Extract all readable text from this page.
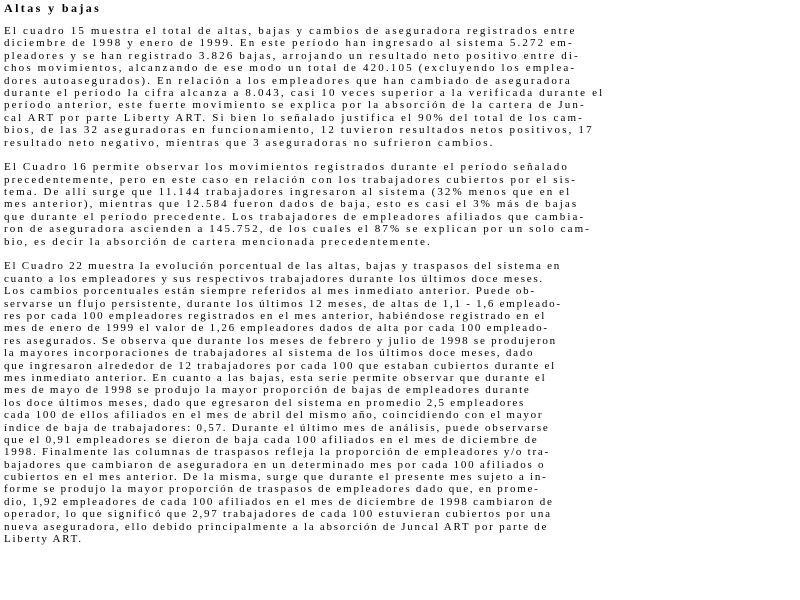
Altas y bajas
El cuadro 15 muestra el total de altas, bajas y cambios de aseguradora registrados entre
diciembre de 1998 y enero de 1999. En este período han ingresado al sistema 5.272 em-
pleadores y se han registrado 3.826 bajas, arrojando un resultado neto positivo entre di-
chos movimientos, alcanzando de ese modo un total de 420.105 (excluyendo los emplea-
dores autoasegurados). En relación a los empleadores que han cambiado de aseguradora
durante el período la cifra alcanza a 8.043, casi 10 veces superior a la verificada durante el
período anterior, este fuerte movimiento se explica por la absorción de la cartera de Jun-
cal ART por parte Liberty ART. Si bien lo señalado justifica el 90% del total de los cam-
bios, de las 32 aseguradoras en funcionamiento, 12 tuvieron resultados netos positivos, 17
resultado neto negativo, mientras que 3 aseguradoras no sufrieron cambios.
El Cuadro 16 permite observar los movimientos registrados durante el período señalado
precedentemente, pero en este caso en relación con los trabajadores cubiertos por el sis-
tema. De allí surge que 11.144 trabajadores ingresaron al sistema (32% menos que en el
mes anterior), mientras que 12.584 fueron dados de baja, esto es casi el 3% más de bajas
que durante el período precedente. Los trabajadores de empleadores afiliados que cambia-
ron de aseguradora ascienden a 145.752, de los cuales el 87% se explican por un solo cam-
bio, es decir la absorción de cartera mencionada precedentemente.
El Cuadro 22 muestra la evolución porcentual de las altas, bajas y traspasos del sistema en
cuanto a los empleadores y sus respectivos trabajadores durante los últimos doce meses.
Los cambios porcentuales están siempre referidos al mes inmediato anterior. Puede ob-
servarse un flujo persistente, durante los últimos 12 meses, de altas de 1,1 - 1,6 empleado-
res por cada 100 empleadores registrados en el mes anterior, habiéndose registrado en el
mes de enero de 1999 el valor de 1,26 empleadores dados de alta por cada 100 empleado-
res asegurados. Se observa que durante los meses de febrero y julio de 1998 se produjeron
la mayores incorporaciones de trabajadores al sistema de los últimos doce meses, dado
que ingresaron alrededor de 12 trabajadores por cada 100 que estaban cubiertos durante el
mes inmediato anterior. En cuanto a las bajas, esta serie permite observar que durante el
mes de mayo de 1998 se produjo la mayor proporción de bajas de empleadores durante
los doce últimos meses, dado que egresaron del sistema en promedio 2,5 empleadores
cada 100 de ellos afiliados en el mes de abril del mismo año, coincidiendo con el mayor
índice de baja de trabajadores: 0,57. Durante el último mes de análisis, puede observarse
que el 0,91 empleadores se dieron de baja cada 100 afiliados en el mes de diciembre de
1998. Finalmente las columnas de traspasos refleja la proporción de empleadores y/o tra-
bajadores que cambiaron de aseguradora en un determinado mes por cada 100 afiliados o
cubiertos en el mes anterior. De la misma, surge que durante el presente mes sujeto a in-
forme se produjo la mayor proporción de traspasos de empleadores dado que, en prome-
dio, 1,92 empleadores de cada 100 afiliados en el mes de diciembre de 1998 cambiaron de
operador, lo que significó que 2,97 trabajadores de cada 100 estuvieran cubiertos por una
nueva aseguradora, ello debido principalmente a la absorción de Juncal ART por parte de
Liberty ART.
